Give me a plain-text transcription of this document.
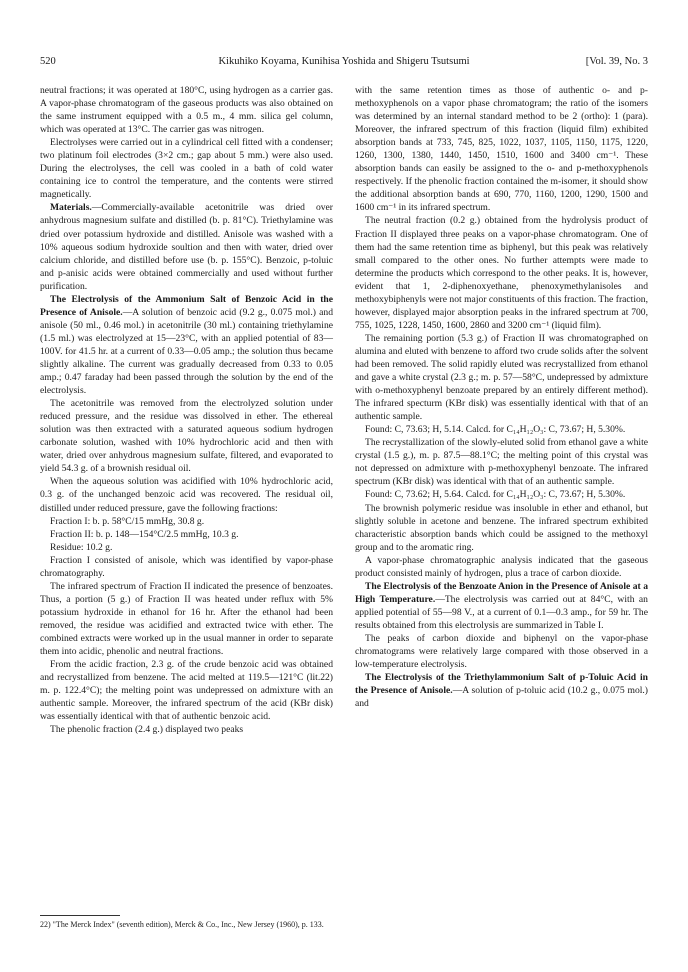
520	Kikuhiko Koyama, Kunihisa Yoshida and Shigeru Tsutsumi	[Vol. 39, No. 3

neutral fractions; it was operated at 180°C, using hydrogen as a carrier gas. A vapor-phase chromatogram of the gaseous products was also obtained on the same instrument equipped with a 0.5 m., 4 mm. silica gel column, which was operated at 13°C. The carrier gas was nitrogen.

Electrolyses were carried out in a cylindrical cell fitted with a condenser; two platinum foil electrodes (3×2 cm.; gap about 5 mm.) were also used. During the electrolyses, the cell was cooled in a bath of cold water containing ice to control the temperature, and the contents were stirred magnetically.

Materials.—Commercially-available acetonitrile was dried over anhydrous magnesium sulfate and distilled (b. p. 81°C). Triethylamine was dried over potassium hydroxide and distilled. Anisole was washed with a 10% aqueous sodium hydroxide soultion and then with water, dried over calcium chloride, and distilled before use (b. p. 155°C). Benzoic, p-toluic and p-anisic acids were obtained commercially and used without further purification.

The Electrolysis of the Ammonium Salt of Benzoic Acid in the Presence of Anisole.—A solution of benzoic acid (9.2 g., 0.075 mol.) and anisole (50 ml., 0.46 mol.) in acetonitrile (30 ml.) containing triethylamine (1.5 ml.) was electrolyzed at 15—23°C, with an applied potential of 83—100V. for 41.5 hr. at a current of 0.33—0.05 amp.; the solution thus became slightly alkaline. The current was gradually decreased from 0.33 to 0.05 amp.; 0.47 faraday had been passed through the solution by the end of the electrolysis.

The acetonitrile was removed from the electrolyzed solution under reduced pressure, and the residue was dissolved in ether. The ethereal solution was then extracted with a saturated aqueous sodium hydrogen carbonate solution, washed with 10% hydrochloric acid and then with water, dried over anhydrous magnesium sulfate, filtered, and evaporated to yield 54.3 g. of a brownish residual oil.

When the aqueous solution was acidified with 10% hydrochloric acid, 0.3 g. of the unchanged benzoic acid was recovered. The residual oil, distilled under reduced pressure, gave the following fractions:

Fraction I: b. p. 58°C/15 mmHg, 30.8 g.

Fraction II: b. p. 148—154°C/2.5 mmHg, 10.3 g.

Residue: 10.2 g.

Fraction I consisted of anisole, which was identified by vapor-phase chromatography.

The infrared spectrum of Fraction II indicated the presence of benzoates. Thus, a portion (5 g.) of Fraction II was heated under reflux with 5% potassium hydroxide in ethanol for 16 hr. After the ethanol had been removed, the residue was acidified and extracted twice with ether. The combined extracts were worked up in the usual manner in order to separate them into acidic, phenolic and neutral fractions.

From the acidic fraction, 2.3 g. of the crude benzoic acid was obtained and recrystallized from benzene. The acid melted at 119.5—121°C (lit.22) m. p. 122.4°C); the melting point was undepressed on admixture with an authentic sample. Moreover, the infrared spectrum of the acid (KBr disk) was essentially identical with that of authentic benzoic acid.

The phenolic fraction (2.4 g.) displayed two peaks

with the same retention times as those of authentic o- and p-methoxyphenols on a vapor phase chromatogram; the ratio of the isomers was determined by an internal standard method to be 2 (ortho): 1 (para). Moreover, the infrared spectrum of this fraction (liquid film) exhibited absorption bands at 733, 745, 825, 1022, 1037, 1105, 1150, 1175, 1220, 1260, 1300, 1380, 1440, 1450, 1510, 1600 and 3400 cm⁻¹. These absorption bands can easily be assigned to the o- and p-methoxyphenols respectively. If the phenolic fraction contained the m-isomer, it should show the additional absorption bands at 690, 770, 1160, 1200, 1290, 1500 and 1600 cm⁻¹ in its infrared spectrum.

The neutral fraction (0.2 g.) obtained from the hydrolysis product of Fraction II displayed three peaks on a vapor-phase chromatogram. One of them had the same retention time as biphenyl, but this peak was relatively small compared to the other ones. No further attempts were made to determine the products which correspond to the other peaks. It is, however, evident that 1, 2-diphenoxyethane, phenoxymethylanisoles and methoxybiphenyls were not major constituents of this fraction. The fraction, however, displayed major absorption peaks in the infrared spectrum at 700, 755, 1025, 1228, 1450, 1600, 2860 and 3200 cm⁻¹ (liquid film).

The remaining portion (5.3 g.) of Fraction II was chromatographed on alumina and eluted with benzene to afford two crude solids after the solvent had been removed. The solid rapidly eluted was recrystallized from ethanol and gave a white crystal (2.3 g.; m. p. 57—58°C, undepressed by admixture with o-methoxyphenyl benzoate prepared by an entirely different method). The infrared specturm (KBr disk) was essentially identical with that of an authentic sample.

Found: C, 73.63; H, 5.14. Calcd. for C₁₄H₁₂O₃: C, 73.67; H, 5.30%.

The recrystallization of the slowly-eluted solid from ethanol gave a white crystal (1.5 g.), m. p. 87.5—88.1°C; the melting point of this crystal was not depressed on admixture with p-methoxyphenyl benzoate. The infrared spectrum (KBr disk) was identical with that of an authentic sample.

Found: C, 73.62; H, 5.64. Calcd. for C₁₄H₁₂O₃: C, 73.67; H, 5.30%.

The brownish polymeric residue was insoluble in ether and ethanol, but slightly soluble in acetone and benzene. The infrared spectrum exhibited characteristic absorption bands which could be assigned to the methoxyl group and to the aromatic ring.

A vapor-phase chromatographic analysis indicated that the gaseous product consisted mainly of hydrogen, plus a trace of carbon dioxide.

The Electrolysis of the Benzoate Anion in the Presence of Anisole at a High Temperature.—The electrolysis was carried out at 84°C, with an applied potential of 55—98 V., at a current of 0.1—0.3 amp., for 59 hr. The results obtained from this electrolysis are summarized in Table I.

The peaks of carbon dioxide and biphenyl on the vapor-phase chromatograms were relatively large compared with those observed in a low-temperature electrolysis.

The Electrolysis of the Triethylammonium Salt of p-Toluic Acid in the Presence of Anisole.—A solution of p-toluic acid (10.2 g., 0.075 mol.) and

22) "The Merck Index" (seventh edition), Merck & Co., Inc., New Jersey (1960), p. 133.
